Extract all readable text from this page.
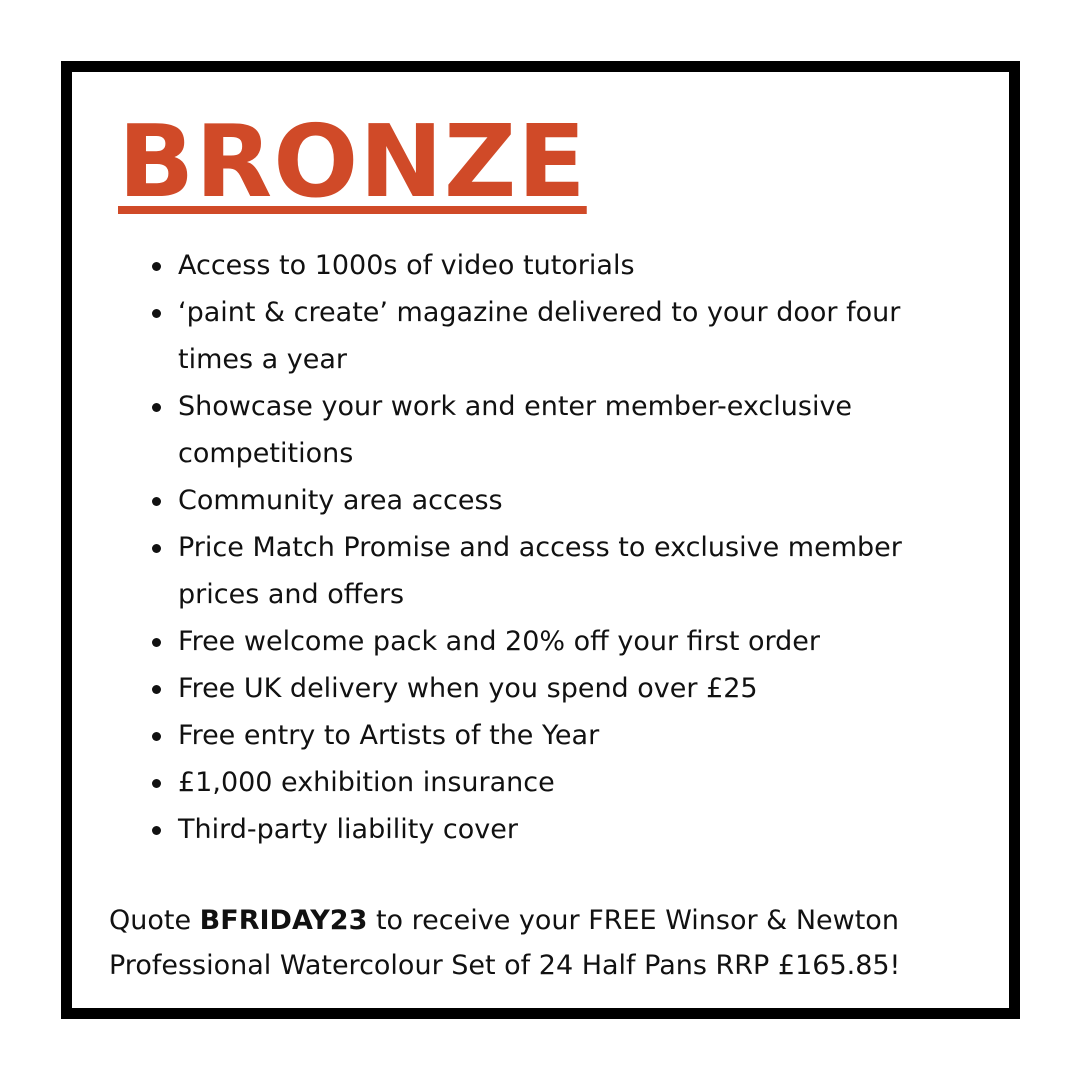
BRONZE
Access to 1000s of video tutorials
‘paint & create’ magazine delivered to your door four times a year
Showcase your work and enter member-exclusive competitions
Community area access
Price Match Promise and access to exclusive member prices and offers
Free welcome pack and 20% off your first order
Free UK delivery when you spend over £25
Free entry to Artists of the Year
£1,000 exhibition insurance
Third-party liability cover

Quote BFRIDAY23 to receive your FREE Winsor & Newton Professional Watercolour Set of 24 Half Pans RRP £165.85!
